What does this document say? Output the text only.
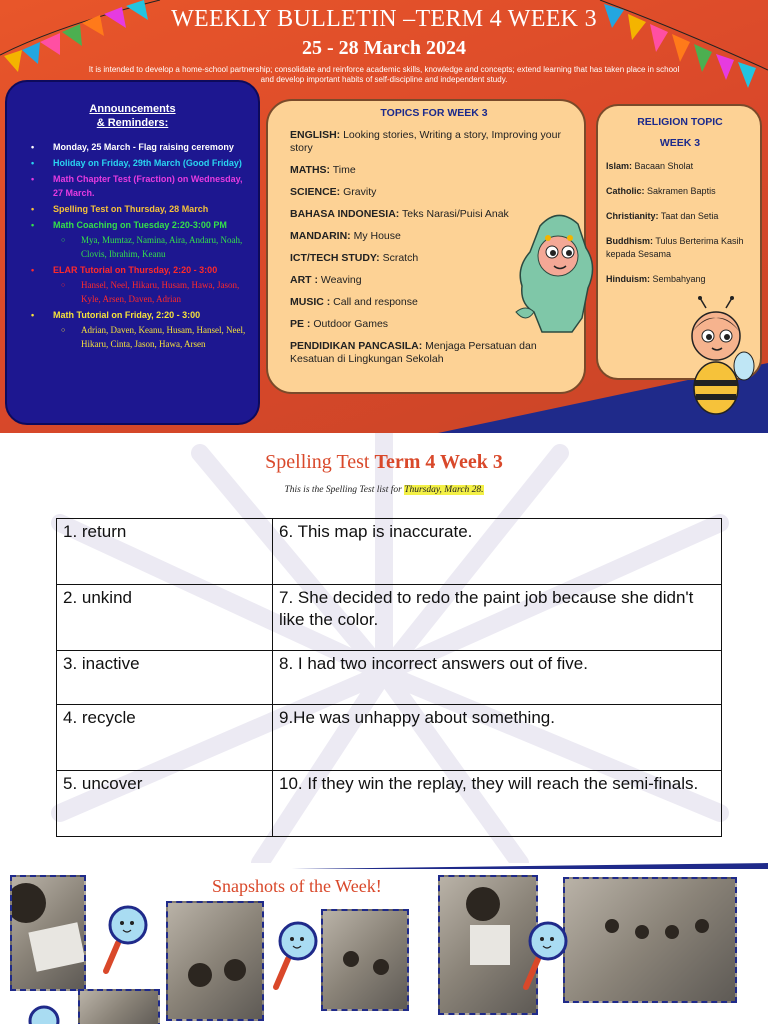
WEEKLY BULLETIN –TERM 4 WEEK 3
25 - 28 March 2024
It is intended to develop a home-school partnership; consolidate and reinforce academic skills, knowledge and concepts; extend learning that has taken place in school
and develop important habits of self-discipline and independent study.
Announcements
& Reminders:
• Monday, 25 March - Flag raising ceremony
• Holiday on Friday, 29th March (Good Friday)
• Math Chapter Test (Fraction) on Wednesday, 27 March.
• Spelling Test on Thursday, 28 March
• Math Coaching on Tuesday 2:20-3:00 PM
○ Mya, Mumtaz, Namina, Aira, Andaru, Noah, Clovis, Ibrahim, Keanu
• ELAR Tutorial on Thursday, 2:20 - 3:00
○ Hansel, Neel, Hikaru, Husam, Hawa, Jason, Kyle, Arsen, Daven, Adrian
• Math Tutorial on Friday, 2:20 - 3:00
○ Adrian, Daven, Keanu, Husam, Hansel, Neel, Hikaru, Cinta, Jason, Hawa, Arsen
TOPICS FOR WEEK 3

ENGLISH: Looking stories, Writing a story, Improving your story

MATHS: Time

SCIENCE: Gravity

BAHASA INDONESIA: Teks Narasi/Puisi Anak

MANDARIN: My House

ICT/TECH STUDY: Scratch

ART : Weaving

MUSIC : Call and response

PE : Outdoor Games

PENDIDIKAN PANCASILA: Menjaga Persatuan dan Kesatuan di Lingkungan Sekolah

RELIGION TOPIC
WEEK 3

Islam: Bacaan Sholat

Catholic: Sakramen Baptis

Christianity: Taat dan Setia

Buddhism: Tulus Berterima Kasih kepada Sesama

Hinduism: Sembahyang

Spelling Test Term 4 Week 3
This is the Spelling Test list for Thursday, March 28.
1. return	6. This map is inaccurate.
2. unkind	7. She decided to redo the paint job because she didn't like the color.
3. inactive	8. I had two incorrect answers out of five.
4. recycle	9.He was unhappy about something.
5. uncover	10. If they win the replay, they will reach the semi-finals.
Snapshots of the Week!
